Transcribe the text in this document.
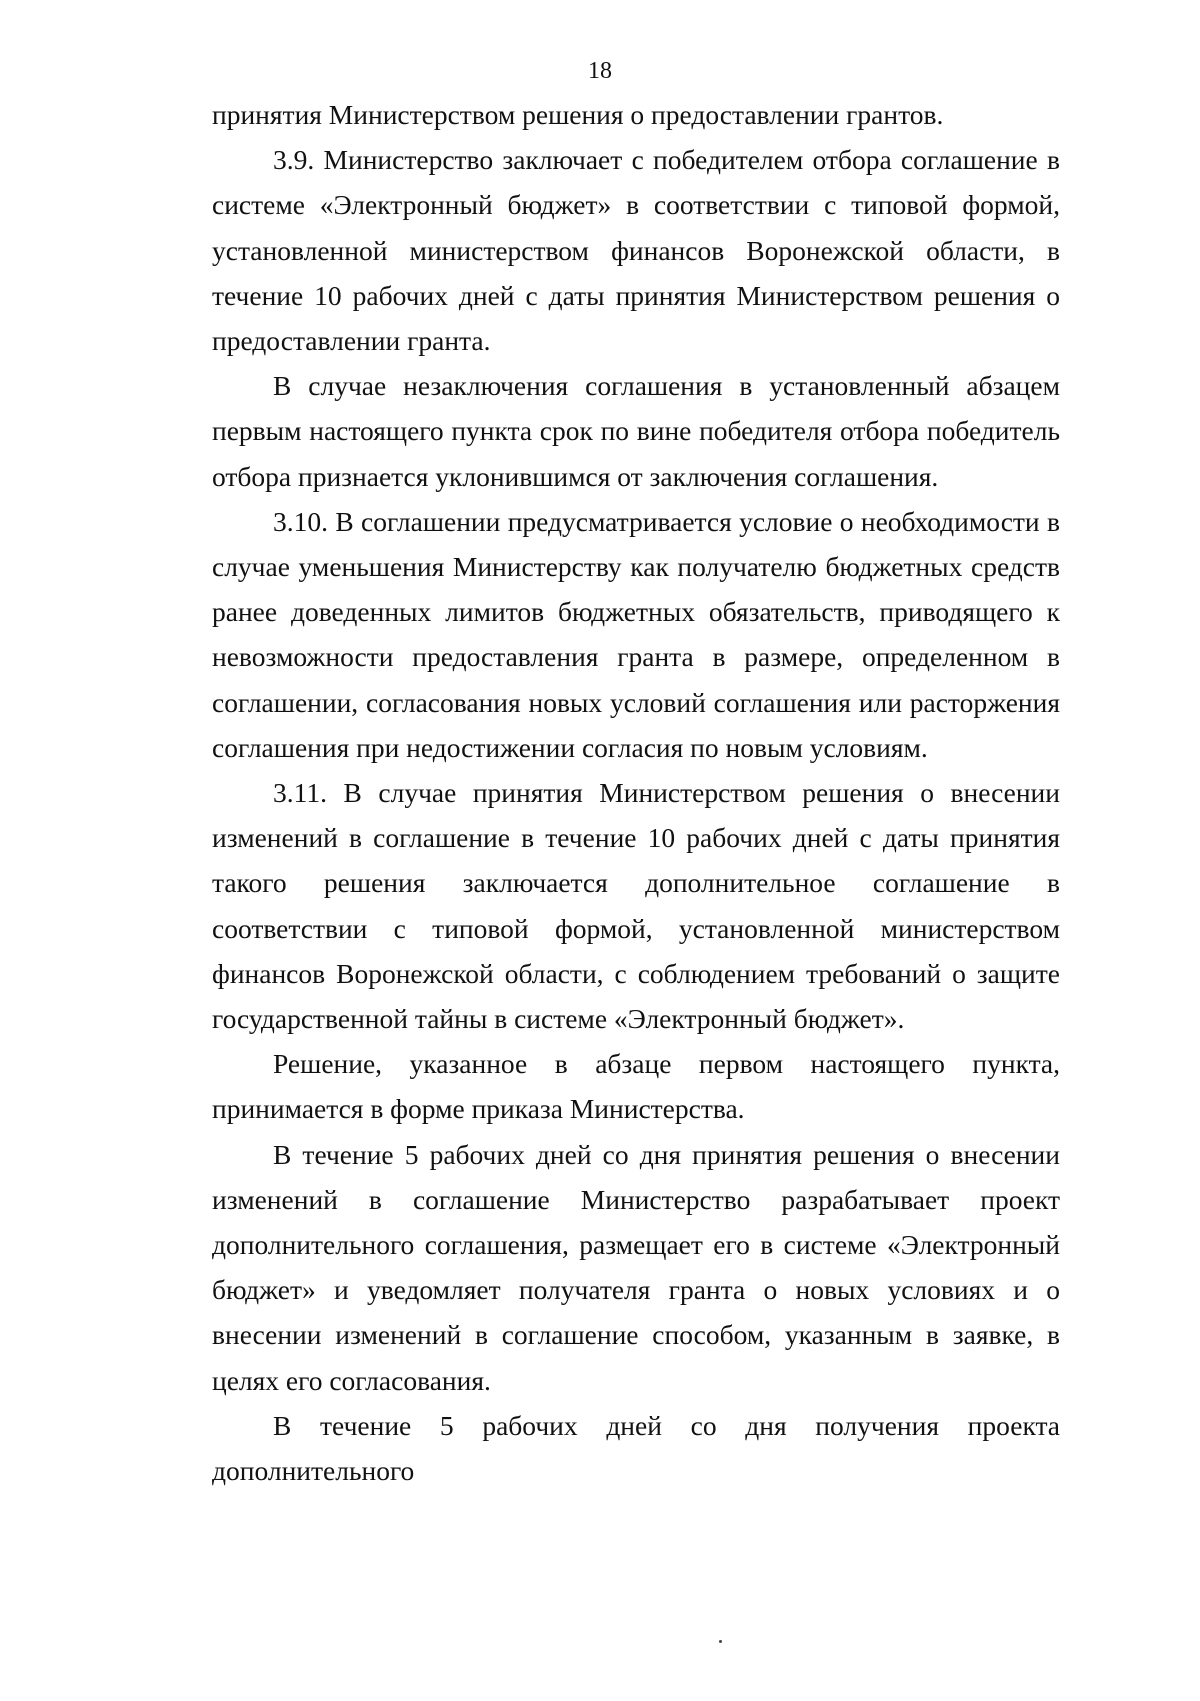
18

принятия Министерством решения о предоставлении грантов.

3.9. Министерство заключает с победителем отбора соглашение в системе «Электронный бюджет» в соответствии с типовой формой, установленной министерством финансов Воронежской области, в течение 10 рабочих дней с даты принятия Министерством решения о предоставлении гранта.

В случае незаключения соглашения в установленный абзацем первым настоящего пункта срок по вине победителя отбора победитель отбора признается уклонившимся от заключения соглашения.

3.10. В соглашении предусматривается условие о необходимости в случае уменьшения Министерству как получателю бюджетных средств ранее доведенных лимитов бюджетных обязательств, приводящего к невозможности предоставления гранта в размере, определенном в соглашении, согласования новых условий соглашения или расторжения соглашения при недостижении согласия по новым условиям.

3.11. В случае принятия Министерством решения о внесении изменений в соглашение в течение 10 рабочих дней с даты принятия такого решения заключается дополнительное соглашение в соответствии с типовой формой, установленной министерством финансов Воронежской области, с соблюдением требований о защите государственной тайны в системе «Электронный бюджет».

Решение, указанное в абзаце первом настоящего пункта, принимается в форме приказа Министерства.

В течение 5 рабочих дней со дня принятия решения о внесении изменений в соглашение Министерство разрабатывает проект дополнительного соглашения, размещает его в системе «Электронный бюджет» и уведомляет получателя гранта о новых условиях и о внесении изменений в соглашение способом, указанным в заявке, в целях его согласования.

В течение 5 рабочих дней со дня получения проекта дополнительного
